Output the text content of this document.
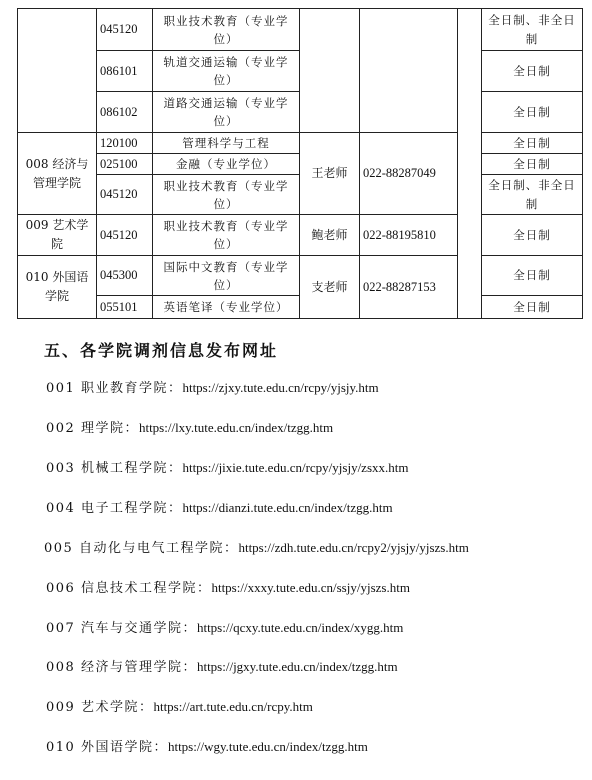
	045120	职业技术教育（专业学位）				全日制、非全日制
	086101	轨道交通运输（专业学位）				全日制
	086102	道路交通运输（专业学位）				全日制
008 经济与管理学院	120100	管理科学与工程	王老师	022-88287049		全日制
	025100	金融（专业学位）				全日制
	045120	职业技术教育（专业学位）				全日制、非全日制
009 艺术学院	045120	职业技术教育（专业学位）	鲍老师	022-88195810		全日制
010 外国语学院	045300	国际中文教育（专业学位）	支老师	022-88287153		全日制
	055101	英语笔译（专业学位）				全日制
五、各学院调剂信息发布网址
001 职业教育学院：https://zjxy.tute.edu.cn/rcpy/yjsjy.htm
002 理学院：https://lxy.tute.edu.cn/index/tzgg.htm
003 机械工程学院：https://jixie.tute.edu.cn/rcpy/yjsjy/zsxx.htm
004 电子工程学院：https://dianzi.tute.edu.cn/index/tzgg.htm
005 自动化与电气工程学院：https://zdh.tute.edu.cn/rcpy2/yjsjy/yjszs.htm
006 信息技术工程学院：https://xxxy.tute.edu.cn/ssjy/yjszs.htm
007 汽车与交通学院：https://qcxy.tute.edu.cn/index/xygg.htm
008 经济与管理学院：https://jgxy.tute.edu.cn/index/tzgg.htm
009 艺术学院：https://art.tute.edu.cn/rcpy.htm
010 外国语学院：https://wgy.tute.edu.cn/index/tzgg.htm
